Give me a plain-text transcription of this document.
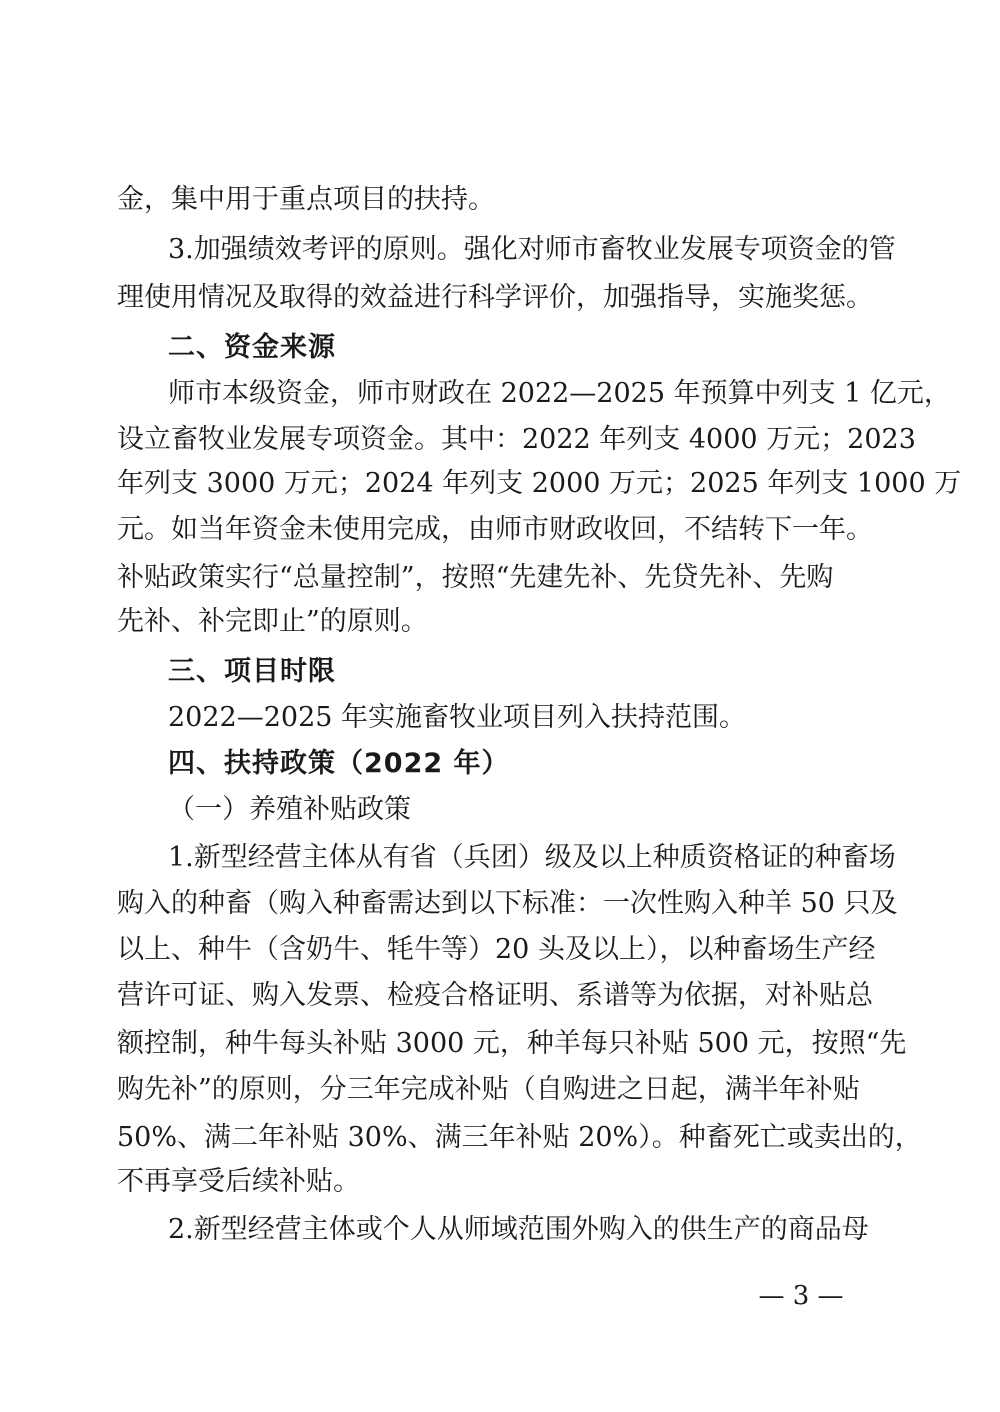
金，集中用于重点项目的扶持。
3.加强绩效考评的原则。强化对师市畜牧业发展专项资金的管
理使用情况及取得的效益进行科学评价，加强指导，实施奖惩。
二、资金来源
师市本级资金，师市财政在 2022—2025 年预算中列支 1 亿元，
设立畜牧业发展专项资金。其中：2022 年列支 4000 万元；2023
年列支 3000 万元；2024 年列支 2000 万元；2025 年列支 1000 万
元。如当年资金未使用完成，由师市财政收回，不结转下一年。
补贴政策实行“总量控制”，按照“先建先补、先贷先补、先购
先补、补完即止”的原则。
三、项目时限
2022—2025 年实施畜牧业项目列入扶持范围。
四、扶持政策（2022 年）
（一）养殖补贴政策
1.新型经营主体从有省（兵团）级及以上种质资格证的种畜场
购入的种畜（购入种畜需达到以下标准：一次性购入种羊 50 只及
以上、种牛（含奶牛、牦牛等）20 头及以上），以种畜场生产经
营许可证、购入发票、检疫合格证明、系谱等为依据，对补贴总
额控制，种牛每头补贴 3000 元，种羊每只补贴 500 元，按照“先
购先补”的原则，分三年完成补贴（自购进之日起，满半年补贴
50%、满二年补贴 30%、满三年补贴 20%）。种畜死亡或卖出的，
不再享受后续补贴。
2.新型经营主体或个人从师域范围外购入的供生产的商品母
— 3 —
